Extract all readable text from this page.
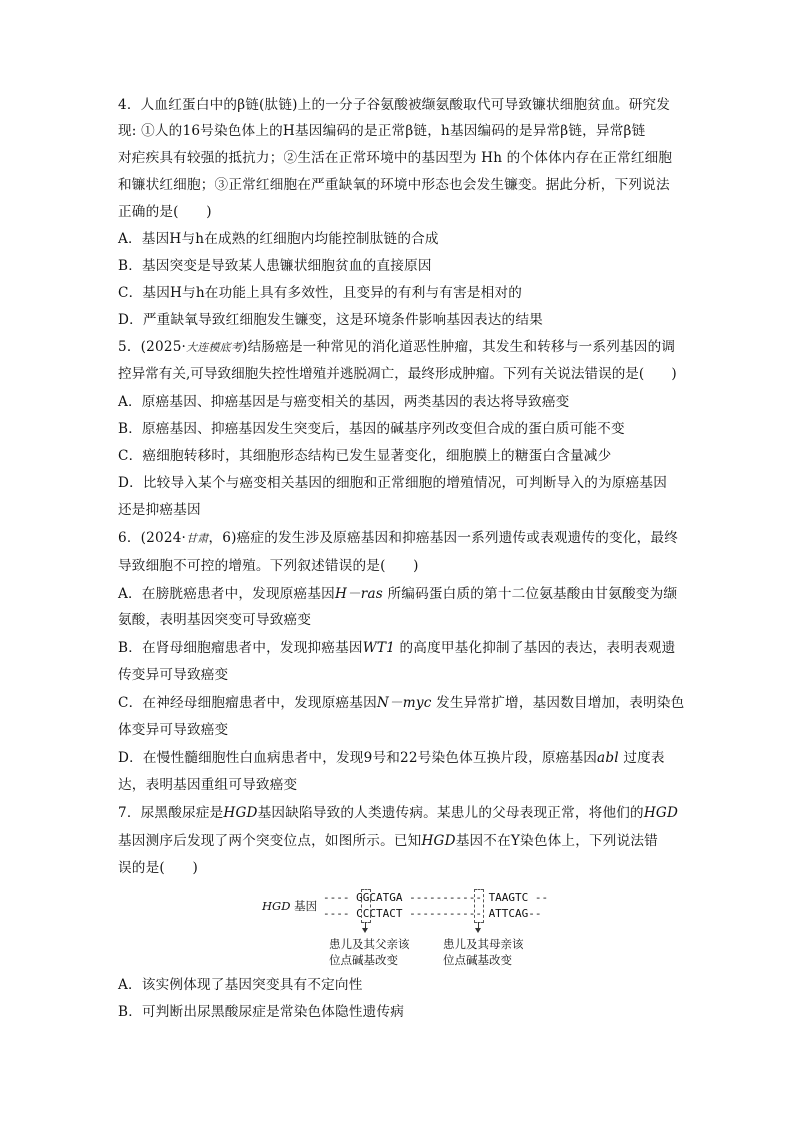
4．人血红蛋白中的β链(肽链)上的一分子谷氨酸被缬氨酸取代可导致镰状细胞贫血。研究发
现: ①人的16号染色体上的H基因编码的是正常β链，h基因编码的是异常β链，异常β链
对疟疾具有较强的抵抗力；②生活在正常环境中的基因型为 Hh 的个体体内存在正常红细胞
和镰状红细胞；③正常红细胞在严重缺氧的环境中形态也会发生镰变。据此分析，下列说法
正确的是(　　)
A．基因H与h在成熟的红细胞内均能控制肽链的合成
B．基因突变是导致某人患镰状细胞贫血的直接原因
C．基因H与h在功能上具有多效性，且变异的有利与有害是相对的
D．严重缺氧导致红细胞发生镰变，这是环境条件影响基因表达的结果
5．(2025·大连模底考)结肠癌是一种常见的消化道恶性肿瘤，其发生和转移与一系列基因的调
控异常有关,可导致细胞失控性增殖并逃脱凋亡，最终形成肿瘤。下列有关说法错误的是(　　)
A．原癌基因、抑癌基因是与癌变相关的基因，两类基因的表达将导致癌变
B．原癌基因、抑癌基因发生突变后，基因的碱基序列改变但合成的蛋白质可能不变
C．癌细胞转移时，其细胞形态结构已发生显著变化，细胞膜上的糖蛋白含量减少
D．比较导入某个与癌变相关基因的细胞和正常细胞的增殖情况，可判断导入的为原癌基因
还是抑癌基因
6．(2024·甘肃，6)癌症的发生涉及原癌基因和抑癌基因一系列遗传或表观遗传的变化，最终
导致细胞不可控的增殖。下列叙述错误的是(　　)
A．在膀胱癌患者中，发现原癌基因H－ras 所编码蛋白质的第十二位氨基酸由甘氨酸变为缬
氨酸，表明基因突变可导致癌变
B．在肾母细胞瘤患者中，发现抑癌基因WT1 的高度甲基化抑制了基因的表达，表明表观遗
传变异可导致癌变
C．在神经母细胞瘤患者中，发现原癌基因N－myc 发生异常扩增，基因数目增加，表明染色
体变异可导致癌变
D．在慢性髓细胞性白血病患者中，发现9号和22号染色体互换片段，原癌基因abl 过度表
达，表明基因重组可导致癌变
7．尿黑酸尿症是HGD基因缺陷导致的人类遗传病。某患儿的父母表现正常，将他们的HGD
基因测序后发现了两个突变位点，如图所示。已知HGD基因不在Y染色体上，下列说法错
误的是(　　)
HGD 基因
---- GGCATGA ----------- TAAGTC --
---- CCCTACT ----------- ATTCAG--
患儿及其父亲该
位点碱基改变
患儿及其母亲该
位点碱基改变
A．该实例体现了基因突变具有不定向性
B．可判断出尿黑酸尿症是常染色体隐性遗传病
